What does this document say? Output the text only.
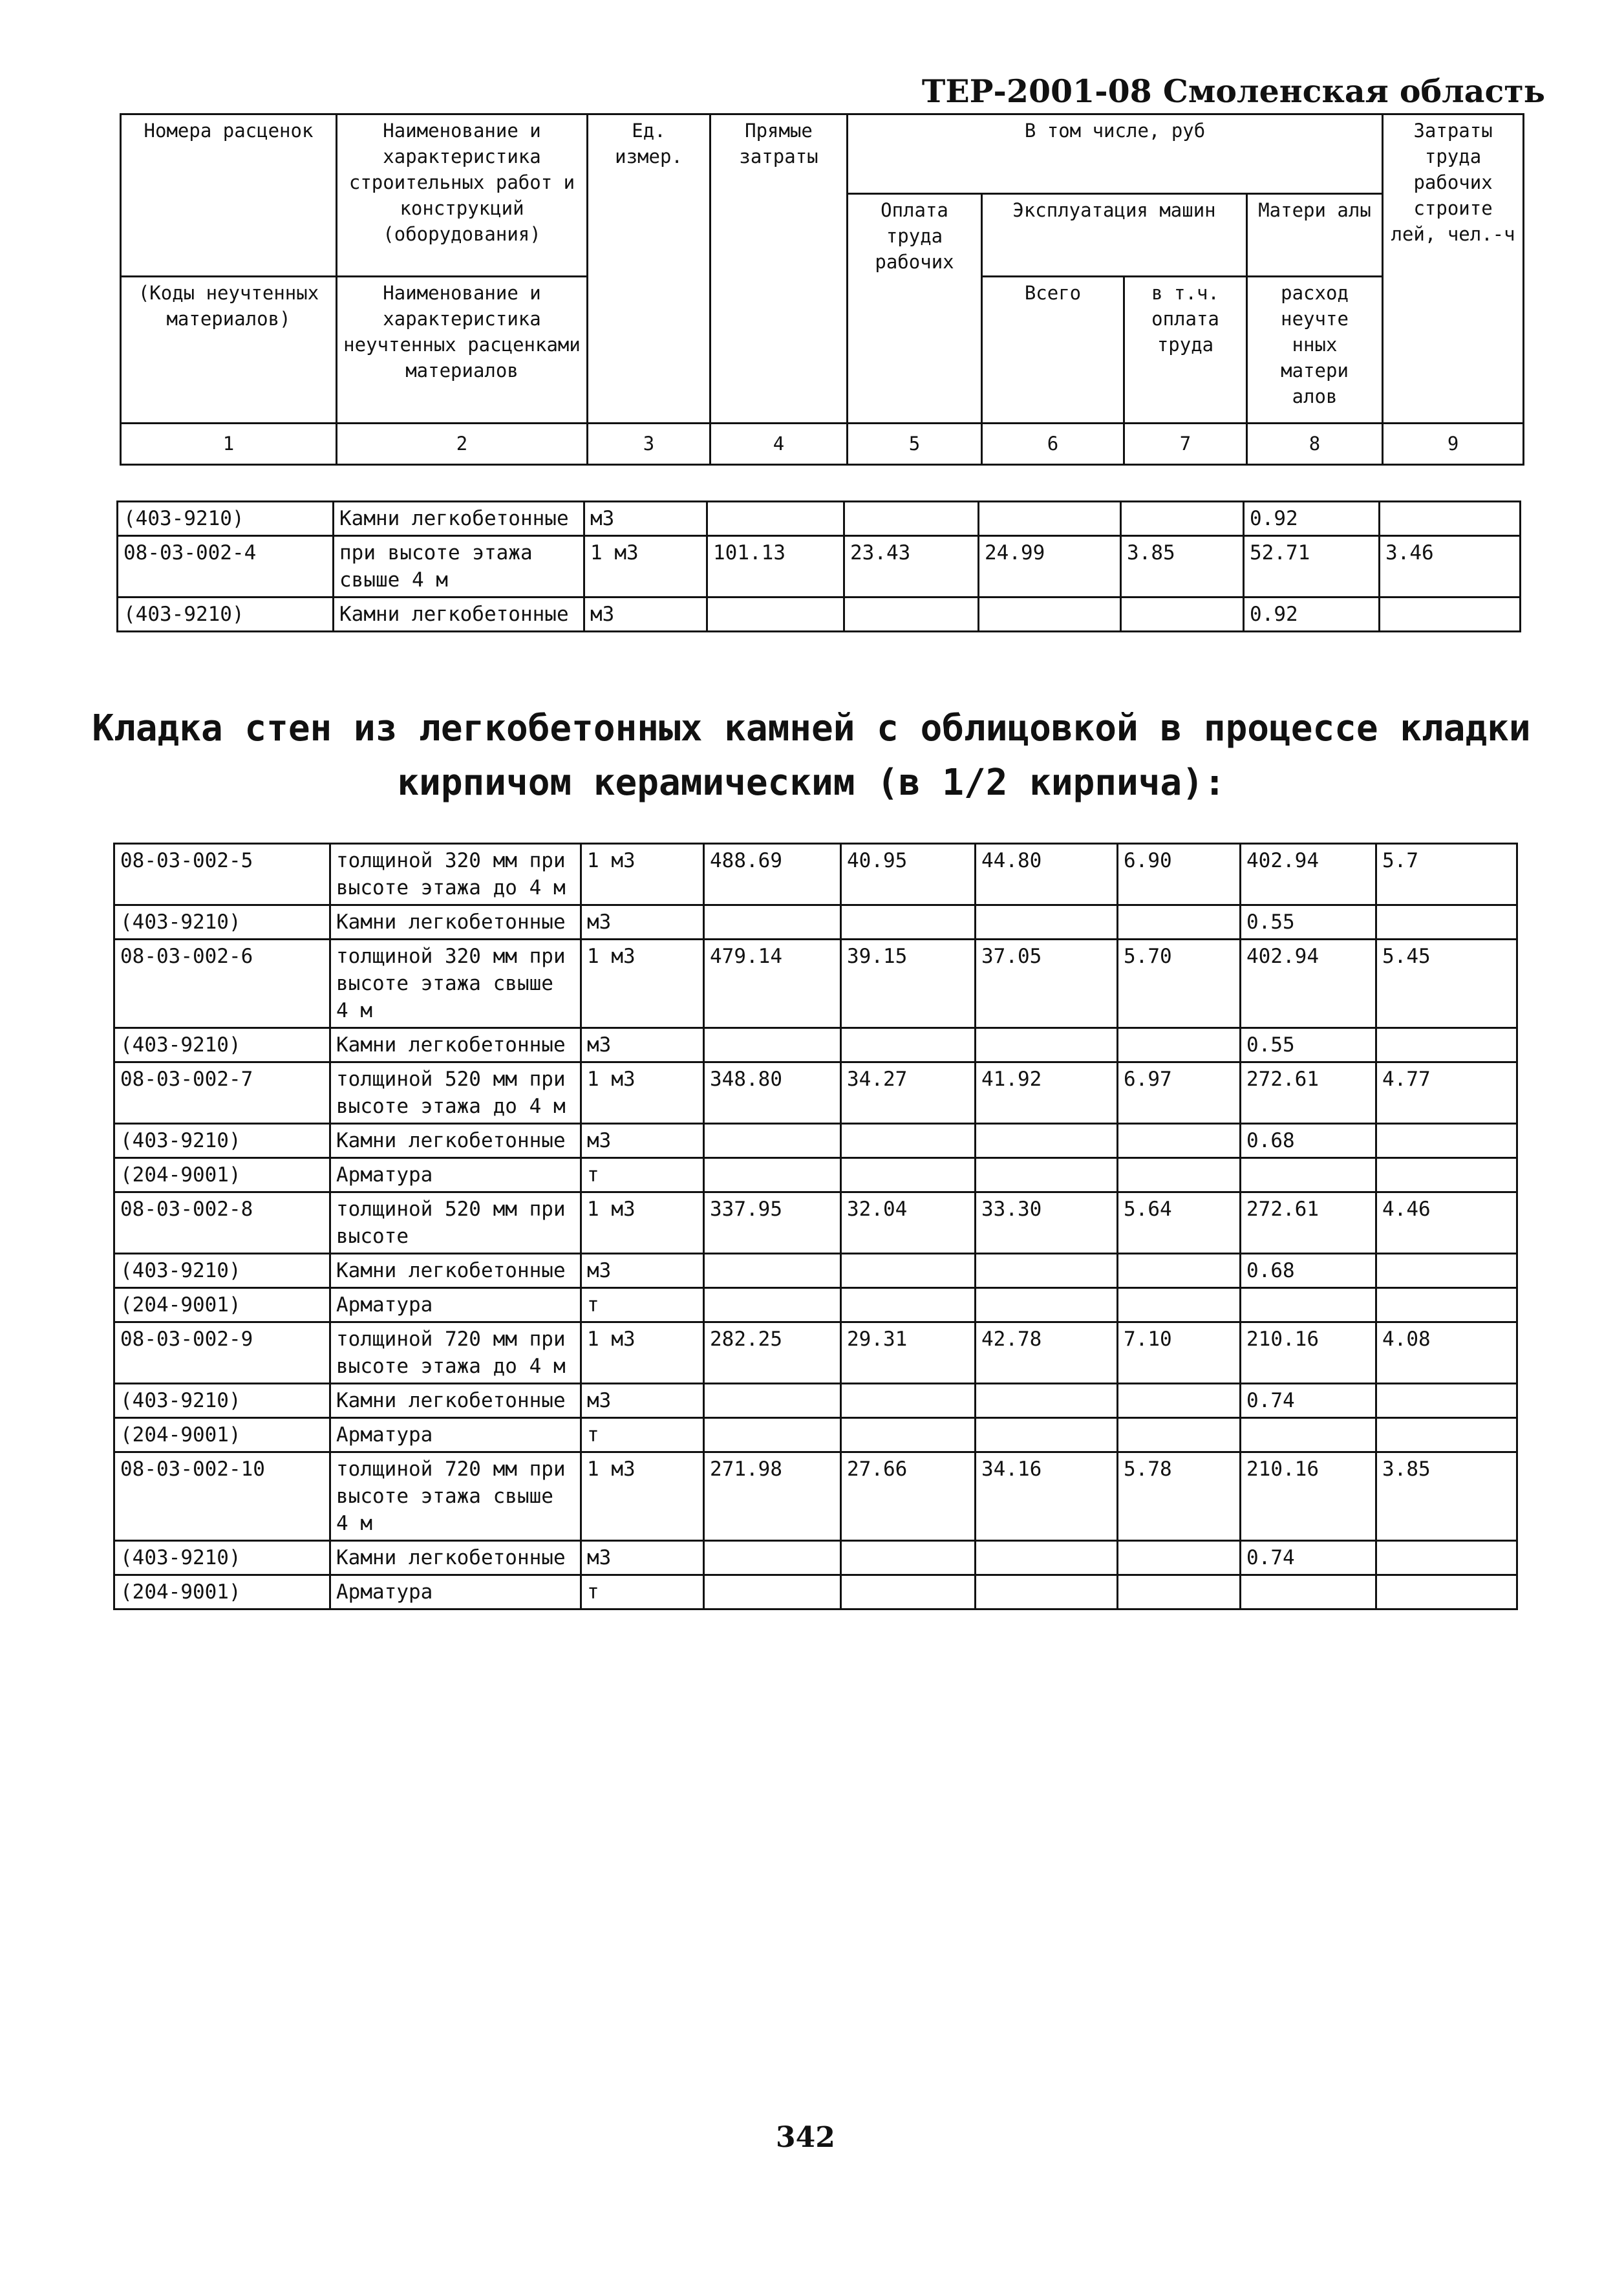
ТЕР-2001-08 Смоленская область
Номера расценок	Наименование и характеристика строительных работ и конструкций (оборудования)	Ед. измер.	Прямые затраты	В том числе, руб				Затраты труда рабочих строите лей, чел.-ч
				Оплата труда рабочих	Эксплуатация машин		Матери алы	
(Коды неучтенных материалов)	Наименование и характеристика неучтенных расценками материалов				Всего	в т.ч. оплата труда	расход неучте нных матери алов	

1	2	3	4	5	6	7	8	9
(403-9210)	Камни легкобетонные	м3					0.92	
08-03-002-4	при высоте этажа свыше 4 м	1 м3	101.13	23.43	24.99	3.85	52.71	3.46
(403-9210)	Камни легкобетонные	м3					0.92	
Кладка стен из легкобетонных камней с облицовкой в процессе кладки кирпичом керамическим (в 1/2 кирпича):
08-03-002-5	толщиной 320 мм при высоте этажа до 4 м	1 м3	488.69	40.95	44.80	6.90	402.94	5.7
(403-9210)	Камни легкобетонные	м3					0.55	
08-03-002-6	толщиной 320 мм при высоте этажа свыше 4 м	1 м3	479.14	39.15	37.05	5.70	402.94	5.45
(403-9210)	Камни легкобетонные	м3					0.55	
08-03-002-7	толщиной 520 мм при высоте этажа до 4 м	1 м3	348.80	34.27	41.92	6.97	272.61	4.77
(403-9210)	Камни легкобетонные	м3					0.68	
(204-9001)	Арматура	т						
08-03-002-8	толщиной 520 мм при высоте	1 м3	337.95	32.04	33.30	5.64	272.61	4.46
(403-9210)	Камни легкобетонные	м3					0.68	
(204-9001)	Арматура	т						
08-03-002-9	толщиной 720 мм при высоте этажа до 4 м	1 м3	282.25	29.31	42.78	7.10	210.16	4.08
(403-9210)	Камни легкобетонные	м3					0.74	
(204-9001)	Арматура	т						
08-03-002-10	толщиной 720 мм при высоте этажа свыше 4 м	1 м3	271.98	27.66	34.16	5.78	210.16	3.85
(403-9210)	Камни легкобетонные	м3					0.74	
(204-9001)	Арматура	т						
342
